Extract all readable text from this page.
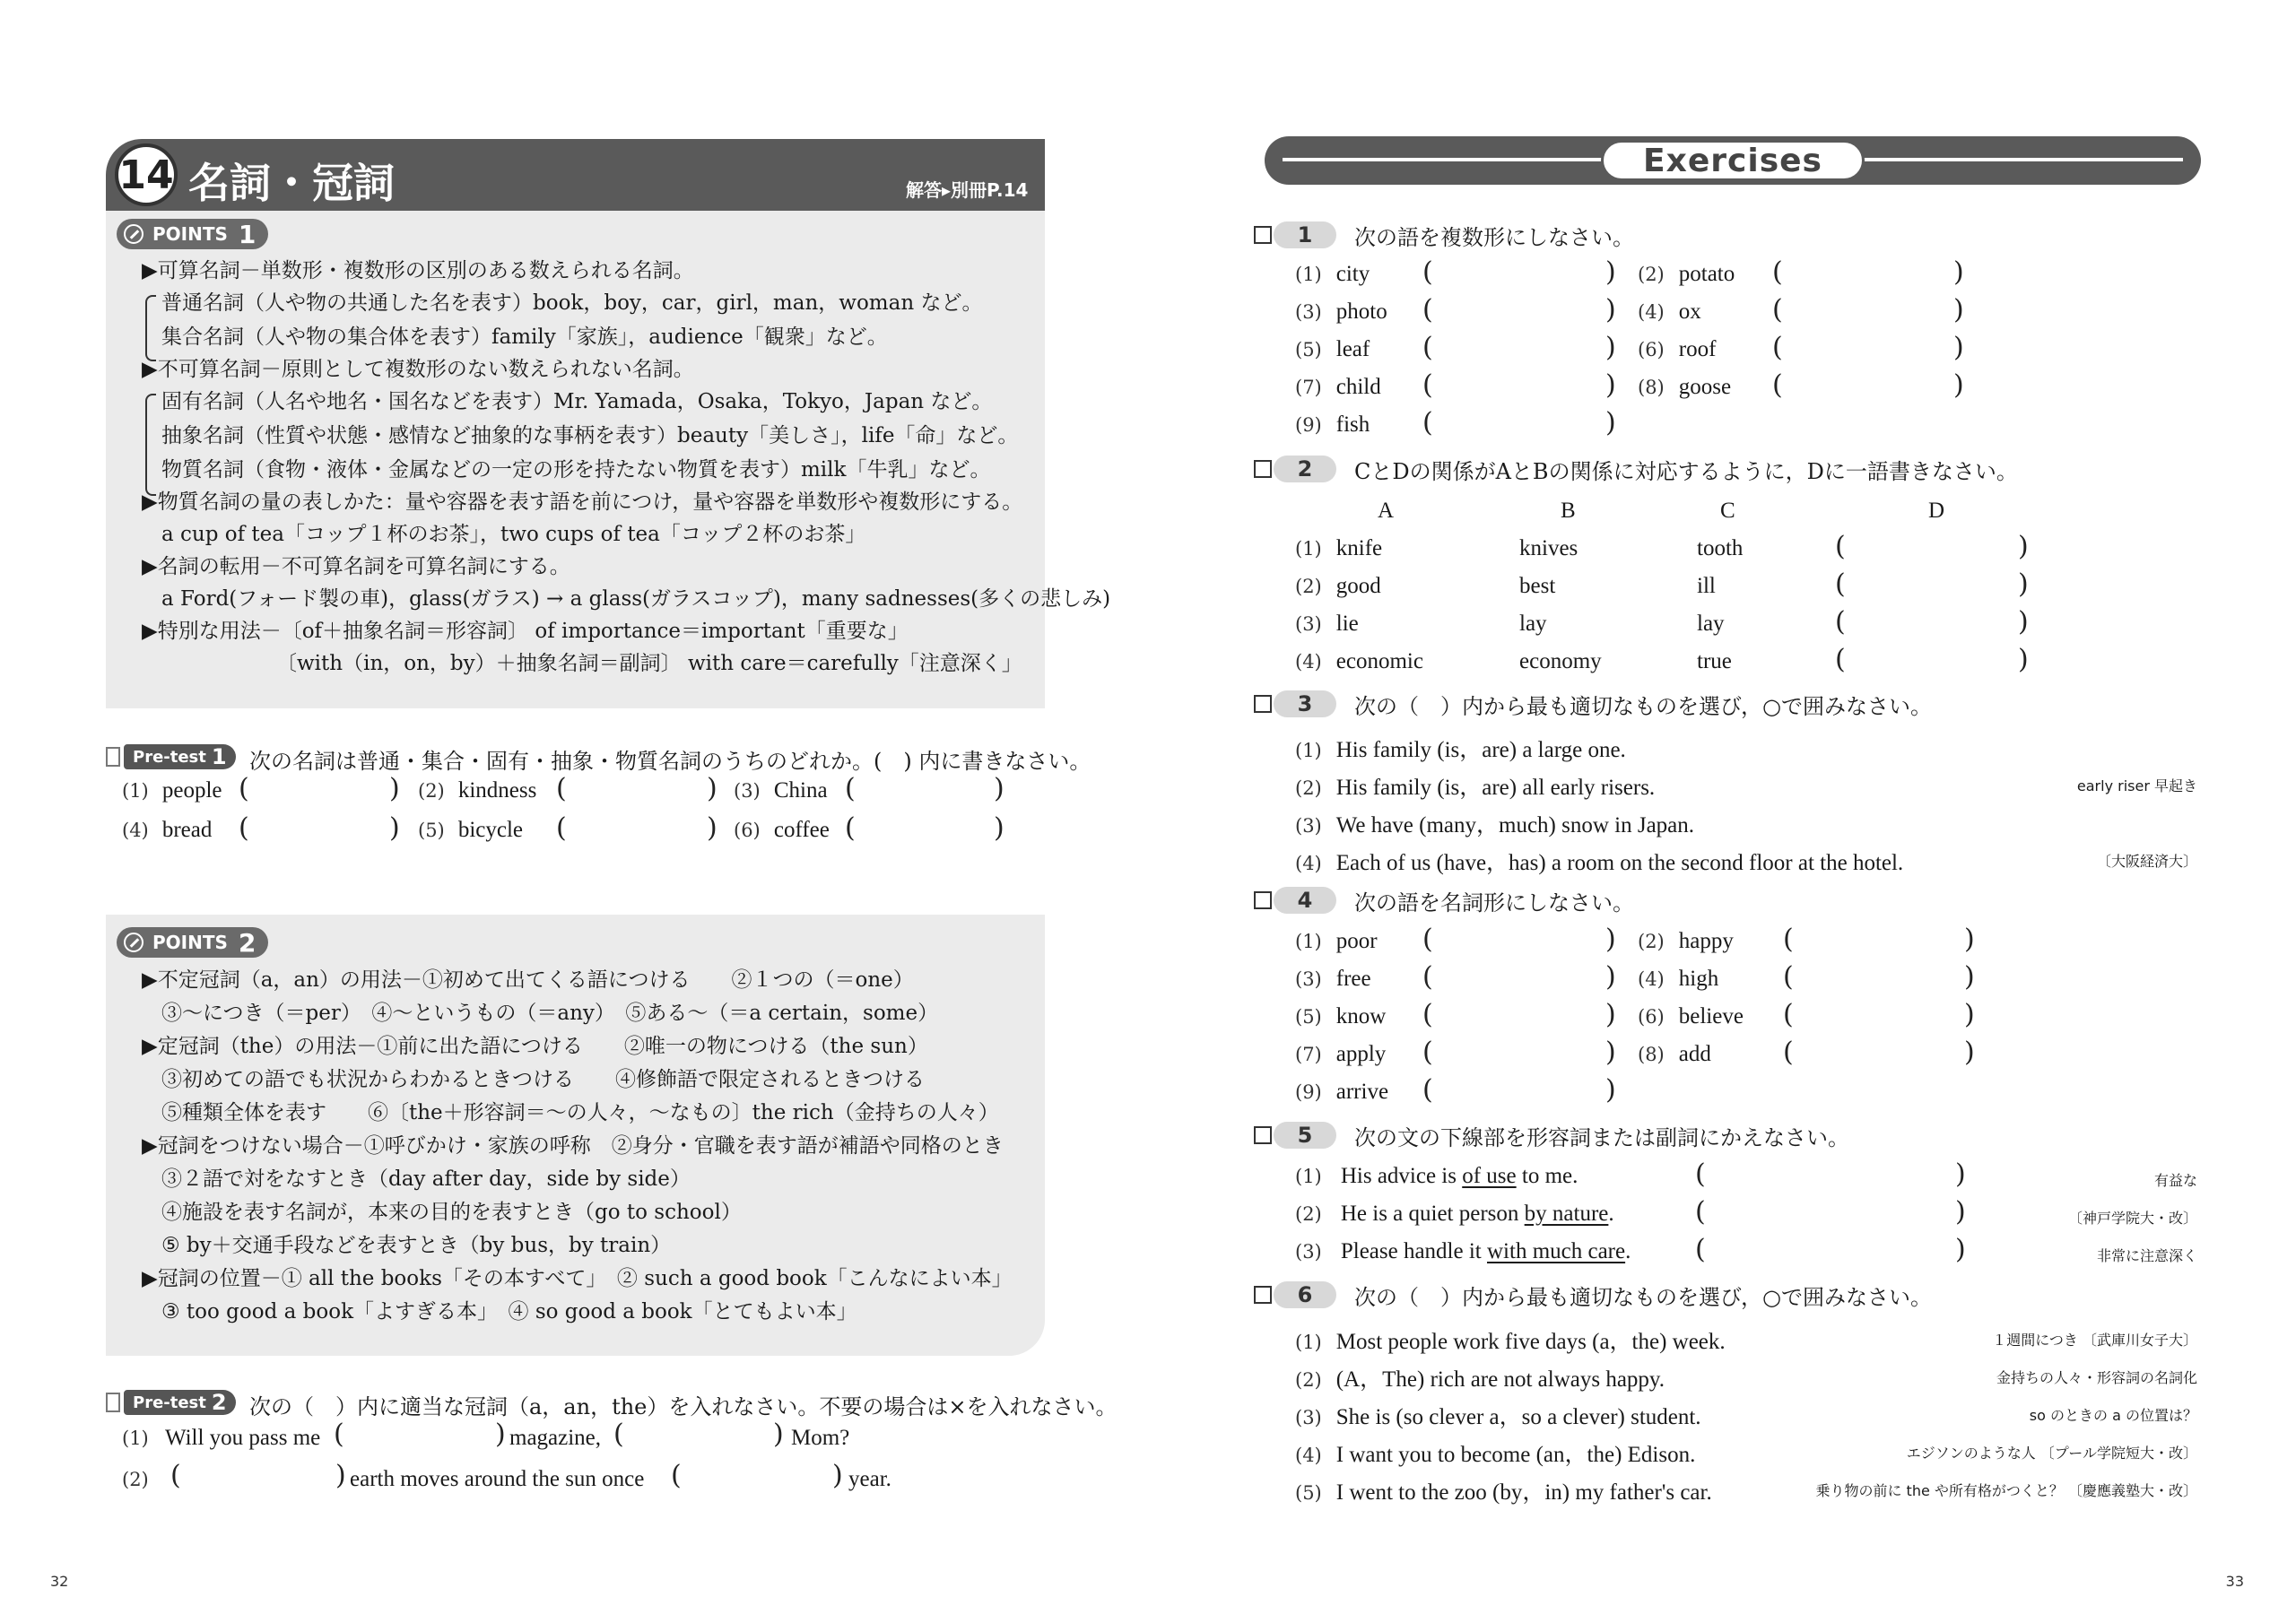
14 名詞・冠詞	解答▸別冊P.14
POINTS 1
▶可算名詞－単数形・複数形の区別のある数えられる名詞。
普通名詞（人や物の共通した名を表す）book，boy，car，girl，man，woman など。
集合名詞（人や物の集合体を表す）family「家族」，audience「観衆」など。
▶不可算名詞－原則として複数形のない数えられない名詞。
固有名詞（人名や地名・国名などを表す）Mr. Yamada，Osaka，Tokyo，Japan など。
抽象名詞（性質や状態・感情など抽象的な事柄を表す）beauty「美しさ」，life「命」など。
物質名詞（食物・液体・金属などの一定の形を持たない物質を表す）milk「牛乳」など。
▶物質名詞の量の表しかた：量や容器を表す語を前につけ，量や容器を単数形や複数形にする。
a cup of tea「コップ１杯のお茶」，two cups of tea「コップ２杯のお茶」
▶名詞の転用－不可算名詞を可算名詞にする。
a Ford(フォード製の車)，glass(ガラス) → a glass(ガラスコップ)，many sadnesses(多くの悲しみ)
▶特別な用法－〔of＋抽象名詞＝形容詞〕 of importance＝important「重要な」
〔with（in，on，by）＋抽象名詞＝副詞〕 with care＝carefully「注意深く」
Pre-test 1 次の名詞は普通・集合・固有・抽象・物質名詞のうちのどれか。(　) 内に書きなさい。
(1) people (	) (2) kindness (	) (3) China (	)
(4) bread (	) (5) bicycle (	) (6) coffee (	)
POINTS 2
▶不定冠詞（a，an）の用法－①初めて出てくる語につける　　②１つの（＝one）
③～につき（＝per）　④～というもの（＝any）　⑤ある～（＝a certain，some）
▶定冠詞（the）の用法－①前に出た語につける　　②唯一の物につける（the sun）
③初めての語でも状況からわかるときつける　　④修飾語で限定されるときつける
⑤種類全体を表す　　⑥〔the＋形容詞＝～の人々，～なもの〕the rich（金持ちの人々）
▶冠詞をつけない場合－①呼びかけ・家族の呼称　②身分・官職を表す語が補語や同格のとき
③２語で対をなすとき（day after day，side by side）
④施設を表す名詞が，本来の目的を表すとき（go to school）
⑤ by＋交通手段などを表すとき（by bus，by train）
▶冠詞の位置－① all the books「その本すべて」　② such a good book「こんなによい本」
③ too good a book「よすぎる本」　④ so good a book「とてもよい本」
Pre-test 2 次の（　）内に適当な冠詞（a，an，the）を入れなさい。不要の場合は×を入れなさい。
(1) Will you pass me (	) magazine, (	) Mom?
(2) (	) earth moves around the sun once (	) year.
32
Exercises
1	次の語を複数形にしなさい。
(1) city (	) (2) potato (	)
(3) photo (	) (4) ox	(	)
(5) leaf (	) (6) roof (	)
(7) child (	) (8) goose (	)
(9) fish (	)
2	CとDの関係がAとBの関係に対応するように，Dに一語書きなさい。
A	B	C	D
(1) knife	knives	tooth	(	)
(2) good	best	ill	(	)
(3) lie	lay	lay	(	)
(4) economic	economy	true	(	)
3	次の（　）内から最も適切なものを選び，○で囲みなさい。
(1) His family (is，are) a large one.
(2) His family (is，are) all early risers.	early riser 早起き
(3) We have (many，much) snow in Japan.
(4) Each of us (have，has) a room on the second floor at the hotel.	〔大阪経済大〕
4	次の語を名詞形にしなさい。
(1) poor (	) (2) happy (	)
(3) free (	) (4) high (	)
(5) know (	) (6) believe (	)
(7) apply (	) (8) add	(	)
(9) arrive (	)
5	次の文の下線部を形容詞または副詞にかえなさい。
(1) His advice is of use to me.	(	)	有益な
(2) He is a quiet person by nature.	(	)	〔神戸学院大・改〕
(3) Please handle it with much care. (	)	非常に注意深く
6	次の（　）内から最も適切なものを選び，○で囲みなさい。
(1) Most people work five days (a，the) week.	１週間につき 〔武庫川女子大〕
(2) (A，The) rich are not always happy.	金持ちの人々・形容詞の名詞化
(3) She is (so clever a，so a clever) student.	so のときの a の位置は？
(4) I want you to become (an，the) Edison.	エジソンのような人 〔プール学院短大・改〕
(5) I went to the zoo (by，in) my father's car.	乗り物の前に the や所有格がつくと？ 〔慶應義塾大・改〕
33
